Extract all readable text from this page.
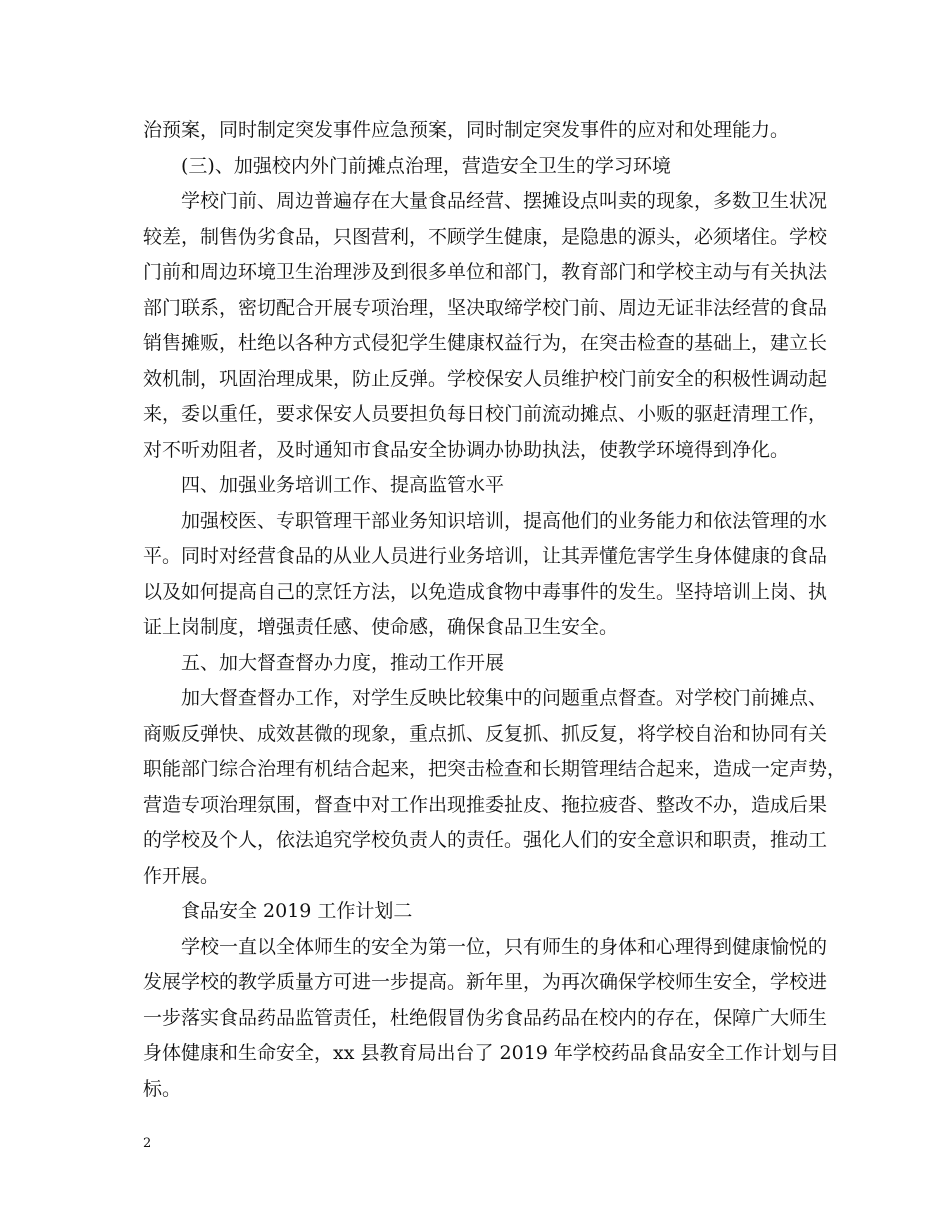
治预案，同时制定突发事件应急预案，同时制定突发事件的应对和处理能力。
(三)、加强校内外门前摊点治理，营造安全卫生的学习环境
学校门前、周边普遍存在大量食品经营、摆摊设点叫卖的现象，多数卫生状况
较差，制售伪劣食品，只图营利，不顾学生健康，是隐患的源头，必须堵住。学校
门前和周边环境卫生治理涉及到很多单位和部门，教育部门和学校主动与有关执法
部门联系，密切配合开展专项治理，坚决取缔学校门前、周边无证非法经营的食品
销售摊贩，杜绝以各种方式侵犯学生健康权益行为，在突击检查的基础上，建立长
效机制，巩固治理成果，防止反弹。学校保安人员维护校门前安全的积极性调动起
来，委以重任，要求保安人员要担负每日校门前流动摊点、小贩的驱赶清理工作，
对不听劝阻者，及时通知市食品安全协调办协助执法，使教学环境得到净化。
四、加强业务培训工作、提高监管水平
加强校医、专职管理干部业务知识培训，提高他们的业务能力和依法管理的水
平。同时对经营食品的从业人员进行业务培训，让其弄懂危害学生身体健康的食品
以及如何提高自己的烹饪方法，以免造成食物中毒事件的发生。坚持培训上岗、执
证上岗制度，增强责任感、使命感，确保食品卫生安全。
五、加大督查督办力度，推动工作开展
加大督查督办工作，对学生反映比较集中的问题重点督查。对学校门前摊点、
商贩反弹快、成效甚微的现象，重点抓、反复抓、抓反复，将学校自治和协同有关
职能部门综合治理有机结合起来，把突击检查和长期管理结合起来，造成一定声势，
营造专项治理氛围，督查中对工作出现推委扯皮、拖拉疲沓、整改不办，造成后果
的学校及个人，依法追究学校负责人的责任。强化人们的安全意识和职责，推动工
作开展。
食品安全 2019 工作计划二
学校一直以全体师生的安全为第一位，只有师生的身体和心理得到健康愉悦的
发展学校的教学质量方可进一步提高。新年里，为再次确保学校师生安全，学校进
一步落实食品药品监管责任，杜绝假冒伪劣食品药品在校内的存在，保障广大师生
身体健康和生命安全，xx 县教育局出台了 2019 年学校药品食品安全工作计划与目
标。
2
